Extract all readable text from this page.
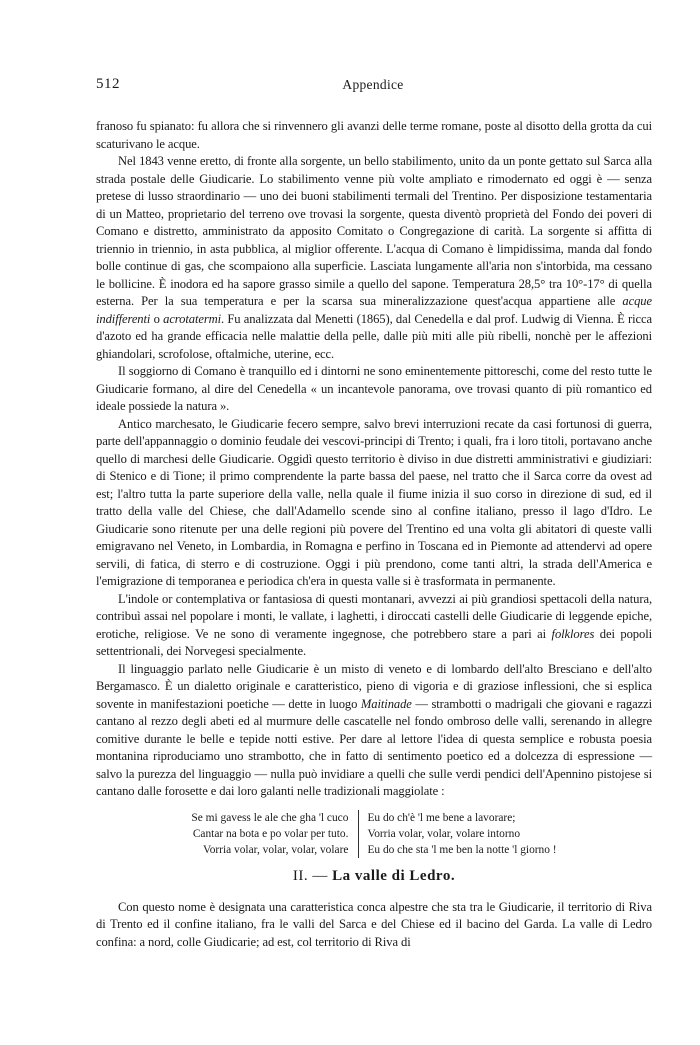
512	Appendice

franoso fu spianato: fu allora che si rinvennero gli avanzi delle terme romane, poste al disotto della grotta da cui scaturivano le acque.

Nel 1843 venne eretto, di fronte alla sorgente, un bello stabilimento, unito da un ponte gettato sul Sarca alla strada postale delle Giudicarie. Lo stabilimento venne più volte ampliato e rimodernato ed oggi è — senza pretese di lusso straordinario — uno dei buoni stabilimenti termali del Trentino. Per disposizione testamentaria di un Matteo, proprietario del terreno ove trovasi la sorgente, questa diventò proprietà del Fondo dei poveri di Comano e distretto, amministrato da apposito Comitato o Congregazione di carità. La sorgente si affitta di triennio in triennio, in asta pubblica, al miglior offerente. L'acqua di Comano è limpidissima, manda dal fondo bolle continue di gas, che scompaiono alla superficie. Lasciata lungamente all'aria non s'intorbida, ma cessano le bollicine. È inodora ed ha sapore grasso simile a quello del sapone. Temperatura 28,5° tra 10°-17° di quella esterna. Per la sua temperatura e per la scarsa sua mineralizzazione quest'acqua appartiene alle acque indifferenti o acrotatermi. Fu analizzata dal Menetti (1865), dal Cenedella e dal prof. Ludwig di Vienna. È ricca d'azoto ed ha grande efficacia nelle malattie della pelle, dalle più miti alle più ribelli, nonchè per le affezioni ghiandolari, scrofolose, oftalmiche, uterine, ecc.

Il soggiorno di Comano è tranquillo ed i dintorni ne sono eminentemente pittoreschi, come del resto tutte le Giudicarie formano, al dire del Cenedella « un incantevole panorama, ove trovasi quanto di più romantico ed ideale possiede la natura ».

Antico marchesato, le Giudicarie fecero sempre, salvo brevi interruzioni recate da casi fortunosi di guerra, parte dell'appannaggio o dominio feudale dei vescovi-principi di Trento; i quali, fra i loro titoli, portavano anche quello di marchesi delle Giudicarie. Oggidì questo territorio è diviso in due distretti amministrativi e giudiziari: di Stenico e di Tione; il primo comprendente la parte bassa del paese, nel tratto che il Sarca corre da ovest ad est; l'altro tutta la parte superiore della valle, nella quale il fiume inizia il suo corso in direzione di sud, ed il tratto della valle del Chiese, che dall'Adamello scende sino al confine italiano, presso il lago d'Idro. Le Giudicarie sono ritenute per una delle regioni più povere del Trentino ed una volta gli abitatori di queste valli emigravano nel Veneto, in Lombardia, in Romagna e perfino in Toscana ed in Piemonte ad attendervi ad opere servili, di fatica, di sterro e di costruzione. Oggi i più prendono, come tanti altri, la strada dell'America e l'emigrazione di temporanea e periodica ch'era in questa valle si è trasformata in permanente.

L'indole or contemplativa or fantasiosa di questi montanari, avvezzi ai più grandiosi spettacoli della natura, contribuì assai nel popolare i monti, le vallate, i laghetti, i diroccati castelli delle Giudicarie di leggende epiche, erotiche, religiose. Ve ne sono di veramente ingegnose, che potrebbero stare a pari ai folklores dei popoli settentrionali, dei Norvegesi specialmente.

Il linguaggio parlato nelle Giudicarie è un misto di veneto e di lombardo dell'alto Bresciano e dell'alto Bergamasco. È un dialetto originale e caratteristico, pieno di vigoria e di graziose inflessioni, che si esplica sovente in manifestazioni poetiche — dette in luogo Maitinade — strambotti o madrigali che giovani e ragazzi cantano al rezzo degli abeti ed al murmure delle cascatelle nel fondo ombroso delle valli, serenando in allegre comitive durante le belle e tepide notti estive. Per dare al lettore l'idea di questa semplice e robusta poesia montanina riproduciamo uno strambotto, che in fatto di sentimento poetico ed a dolcezza di espressione — salvo la purezza del linguaggio — nulla può invidiare a quelli che sulle verdi pendici dell'Apennino pistojese si cantano dalle forosette e dai loro galanti nelle tradizionali maggiolate :

Se mi gavess le ale che gha 'l cuco
Cantar na bota e po volar per tuto.
Vorria volar, volar, volar, volare
Eu do ch'è 'l me bene a lavorare;
Vorria volar, volar, volare intorno
Eu do che sta 'l me ben la notte 'l giorno !
II. — La valle di Ledro.

Con questo nome è designata una caratteristica conca alpestre che sta tra le Giudicarie, il territorio di Riva di Trento ed il confine italiano, fra le valli del Sarca e del Chiese ed il bacino del Garda. La valle di Ledro confina: a nord, colle Giudicarie; ad est, col territorio di Riva di
